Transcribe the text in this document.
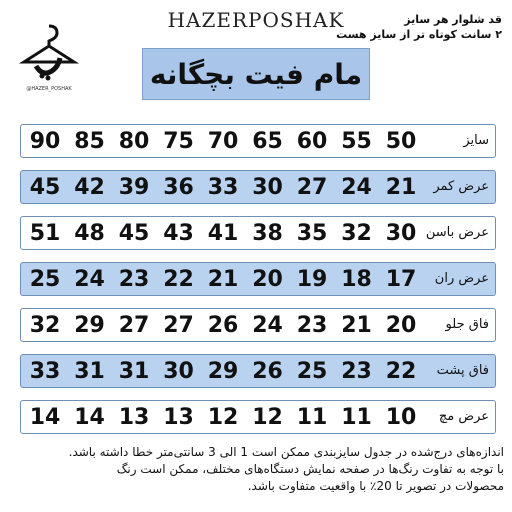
HAZERPOSHAK	قد شلوار هر سایز
۲ سانت کوتاه تر از سایز هست
@HAZER_POSHAK	مام فیت بچگانه
90 85 80 75 70 65 60 55 50	سایز
45 42 39 36 33 30 27 24 21	عرض کمر
51 48 45 43 41 38 35 32 30 عرض باسن
25 24 23 22 21 20 19 18 17	عرض ران
32 29 27 27 26 24 23 21 20	فاق جلو
33 31 31 30 29 26 25 23 22	فاق پشت
14 14 13 13 12 12 11 11 10	عرض مچ
اندازه‌های درج‌شده در جدول سایزبندی ممکن است 1 الی 3 سانتی‌متر خطا داشته باشد.
با توجه به تفاوت رنگ‌ها در صفحه نمایش دستگاه‌های مختلف، ممکن است رنگ
محصولات در تصویر تا 20٪ با واقعیت متفاوت باشد.
